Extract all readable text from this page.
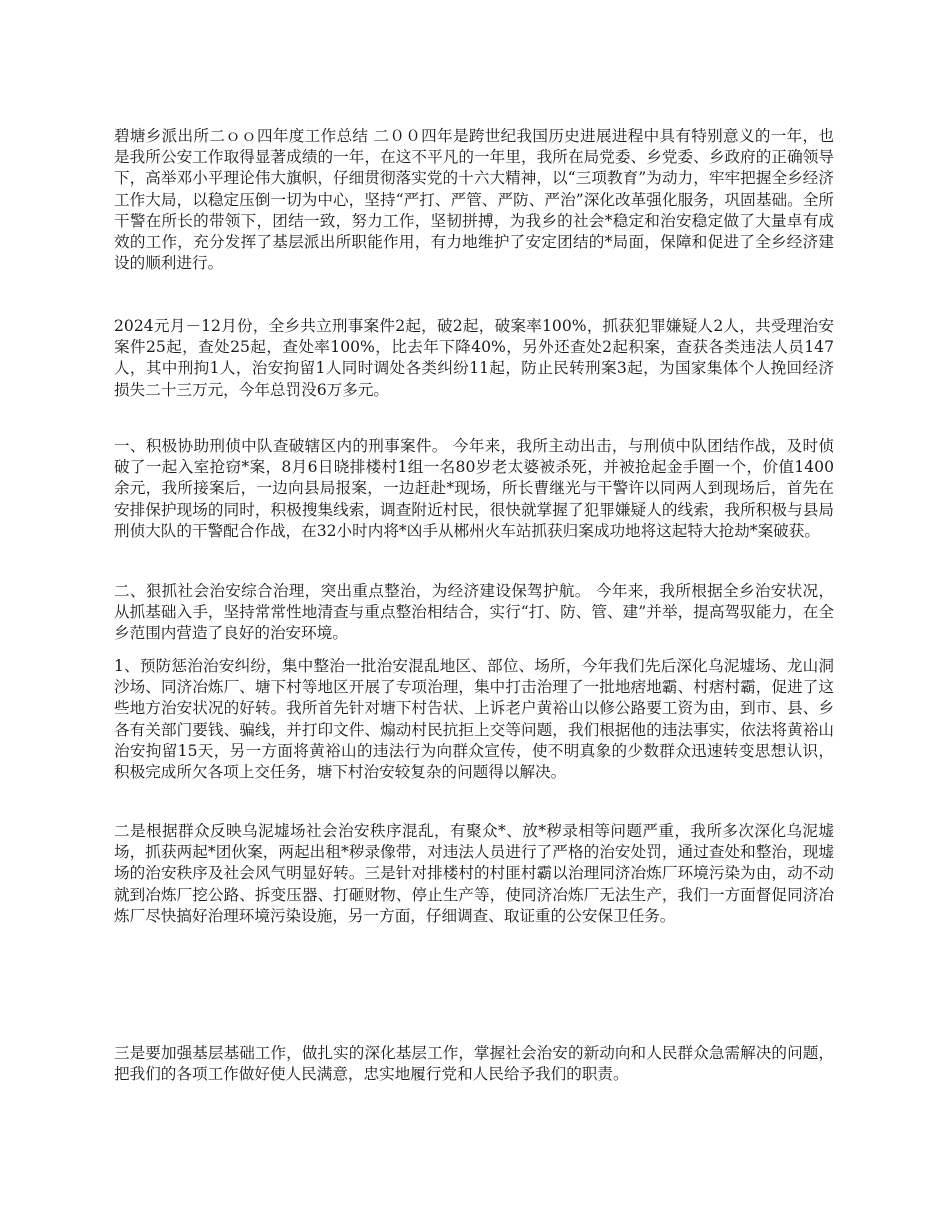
碧塘乡派出所二ｏｏ四年度工作总结 二００四年是跨世纪我国历史进展进程中具有特别意义的一年，也是我所公安工作取得显著成绩的一年，在这不平凡的一年里，我所在局党委、乡党委、乡政府的正确领导下，高举邓小平理论伟大旗帜，仔细贯彻落实党的十六大精神，以“三项教育”为动力，牢牢把握全乡经济工作大局，以稳定压倒一切为中心，坚持“严打、严管、严防、严治”深化改革强化服务，巩固基础。全所干警在所长的带领下，团结一致，努力工作，坚韧拼搏，为我乡的社会*稳定和治安稳定做了大量卓有成效的工作，充分发挥了基层派出所职能作用，有力地维护了安定团结的*局面，保障和促进了全乡经济建设的顺利进行。

2024元月－12月份，全乡共立刑事案件2起，破2起，破案率100%，抓获犯罪嫌疑人2人，共受理治安案件25起，查处25起，查处率100%，比去年下降40%，另外还查处2起积案，查获各类违法人员147人，其中刑拘1人，治安拘留1人同时调处各类纠纷11起，防止民转刑案3起，为国家集体个人挽回经济损失二十三万元，今年总罚没6万多元。

一、积极协助刑侦中队查破辖区内的刑事案件。 今年来，我所主动出击，与刑侦中队团结作战，及时侦破了一起入室抢窃*案，8月6日晓排楼村1组一名80岁老太婆被杀死，并被抢起金手圈一个，价值1400余元，我所接案后，一边向县局报案，一边赶赴*现场，所长曹继光与干警许以同两人到现场后，首先在安排保护现场的同时，积极搜集线索，调查附近村民，很快就掌握了犯罪嫌疑人的线索，我所积极与县局刑侦大队的干警配合作战，在32小时内将*凶手从郴州火车站抓获归案成功地将这起特大抢劫*案破获。

二、狠抓社会治安综合治理，突出重点整治，为经济建设保驾护航。 今年来，我所根据全乡治安状况，从抓基础入手，坚持常常性地清查与重点整治相结合，实行“打、防、管、建”并举，提高驾驭能力，在全乡范围内营造了良好的治安环境。

1、预防惩治治安纠纷，集中整治一批治安混乱地区、部位、场所，今年我们先后深化乌泥墟场、龙山洞沙场、同济冶炼厂、塘下村等地区开展了专项治理，集中打击治理了一批地痞地霸、村痞村霸，促进了这些地方治安状况的好转。我所首先针对塘下村告状、上诉老户黄裕山以修公路要工资为由，到市、县、乡各有关部门要钱、骗线，并打印文件、煽动村民抗拒上交等问题，我们根据他的违法事实，依法将黄裕山治安拘留15天，另一方面将黄裕山的违法行为向群众宣传，使不明真象的少数群众迅速转变思想认识，积极完成所欠各项上交任务，塘下村治安较复杂的问题得以解决。

二是根据群众反映乌泥墟场社会治安秩序混乱，有聚众*、放*秽录相等问题严重，我所多次深化乌泥墟场，抓获两起*团伙案，两起出租*秽录像带，对违法人员进行了严格的治安处罚，通过查处和整治，现墟场的治安秩序及社会风气明显好转。三是针对排楼村的村匪村霸以治理同济冶炼厂环境污染为由，动不动就到冶炼厂挖公路、拆变压器、打砸财物、停止生产等，使同济冶炼厂无法生产，我们一方面督促同济冶炼厂尽快搞好治理环境污染设施，另一方面，仔细调查、取证重的公安保卫任务。

三是要加强基层基础工作，做扎实的深化基层工作，掌握社会治安的新动向和人民群众急需解决的问题，把我们的各项工作做好使人民满意，忠实地履行党和人民给予我们的职责。
